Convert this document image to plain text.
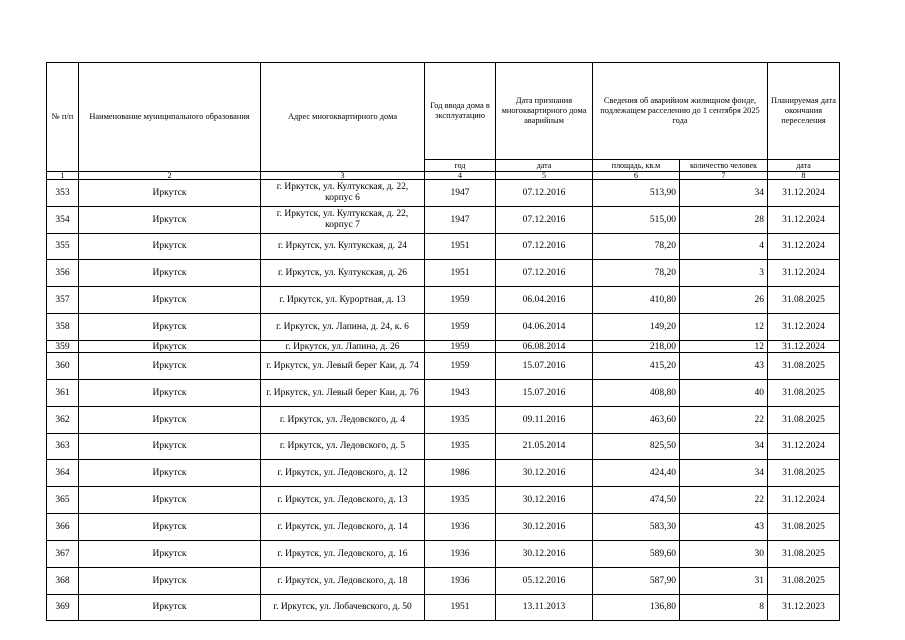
№ п/п	Наименование муниципального образования	Адрес многоквартирного дома	Год ввода дома в эксплуатацию	Дата признания многоквартирного дома аварийным	Сведения об аварийном жилищном фонде, подлежащем расселению до 1 сентября 2025 года		Планируемая дата окончания переселения
			год	дата	площадь, кв.м	количество человек	дата
1	2	3	4	5	6	7	8
353	Иркутск	г. Иркутск, ул. Култукская, д. 22, корпус 6	1947	07.12.2016	513,90	34	31.12.2024
354	Иркутск	г. Иркутск, ул. Култукская, д. 22, корпус 7	1947	07.12.2016	515,00	28	31.12.2024
355	Иркутск	г. Иркутск, ул. Култукская, д. 24	1951	07.12.2016	78,20	4	31.12.2024
356	Иркутск	г. Иркутск, ул. Култукская, д. 26	1951	07.12.2016	78,20	3	31.12.2024
357	Иркутск	г. Иркутск, ул. Курортная, д. 13	1959	06.04.2016	410,80	26	31.08.2025
358	Иркутск	г. Иркутск, ул. Лапина, д. 24, к. 6	1959	04.06.2014	149,20	12	31.12.2024
359	Иркутск	г. Иркутск, ул. Лапина, д. 26	1959	06.08.2014	218,00	12	31.12.2024
360	Иркутск	г. Иркутск, ул. Левый берег Каи, д. 74	1959	15.07.2016	415,20	43	31.08.2025
361	Иркутск	г. Иркутск, ул. Левый берег Каи, д. 76	1943	15.07.2016	408,80	40	31.08.2025
362	Иркутск	г. Иркутск, ул. Ледовского, д. 4	1935	09.11.2016	463,60	22	31.08.2025
363	Иркутск	г. Иркутск, ул. Ледовского, д. 5	1935	21.05.2014	825,50	34	31.12.2024
364	Иркутск	г. Иркутск, ул. Ледовского, д. 12	1986	30.12.2016	424,40	34	31.08.2025
365	Иркутск	г. Иркутск, ул. Ледовского, д. 13	1935	30.12.2016	474,50	22	31.12.2024
366	Иркутск	г. Иркутск, ул. Ледовского, д. 14	1936	30.12.2016	583,30	43	31.08.2025
367	Иркутск	г. Иркутск, ул. Ледовского, д. 16	1936	30.12.2016	589,60	30	31.08.2025
368	Иркутск	г. Иркутск, ул. Ледовского, д. 18	1936	05.12.2016	587,90	31	31.08.2025
369	Иркутск	г. Иркутск, ул. Лобачевского, д. 50	1951	13.11.2013	136,80	8	31.12.2023
